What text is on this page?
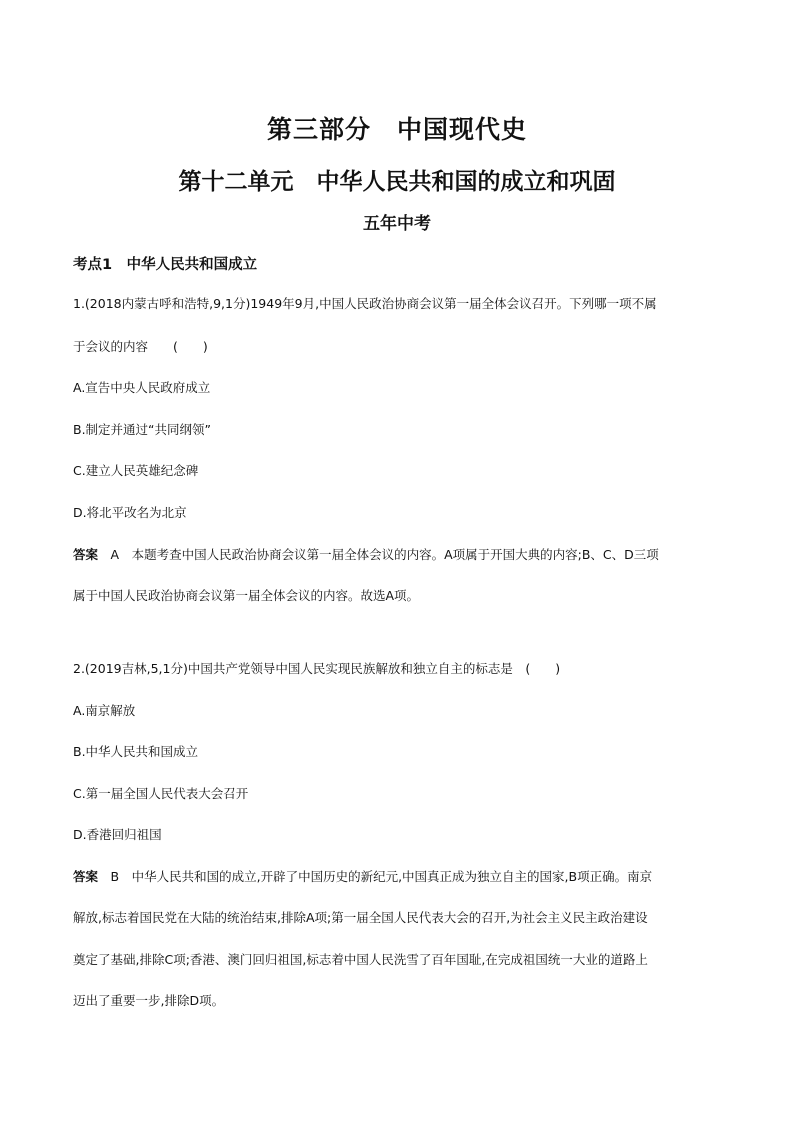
第三部分　中国现代史
第十二单元　中华人民共和国的成立和巩固
五年中考
考点1　中华人民共和国成立
1.(2018内蒙古呼和浩特,9,1分)1949年9月,中国人民政治协商会议第一届全体会议召开。下列哪一项不属
于会议的内容　　(　　)
A.宣告中央人民政府成立
B.制定并通过“共同纲领”
C.建立人民英雄纪念碑
D.将北平改名为北京
答案　A　本题考查中国人民政治协商会议第一届全体会议的内容。A项属于开国大典的内容;B、C、D三项
属于中国人民政治协商会议第一届全体会议的内容。故选A项。
2.(2019吉林,5,1分)中国共产党领导中国人民实现民族解放和独立自主的标志是　(　　)
A.南京解放
B.中华人民共和国成立
C.第一届全国人民代表大会召开
D.香港回归祖国
答案　B　中华人民共和国的成立,开辟了中国历史的新纪元,中国真正成为独立自主的国家,B项正确。南京
解放,标志着国民党在大陆的统治结束,排除A项;第一届全国人民代表大会的召开,为社会主义民主政治建设
奠定了基础,排除C项;香港、澳门回归祖国,标志着中国人民洗雪了百年国耻,在完成祖国统一大业的道路上
迈出了重要一步,排除D项。
